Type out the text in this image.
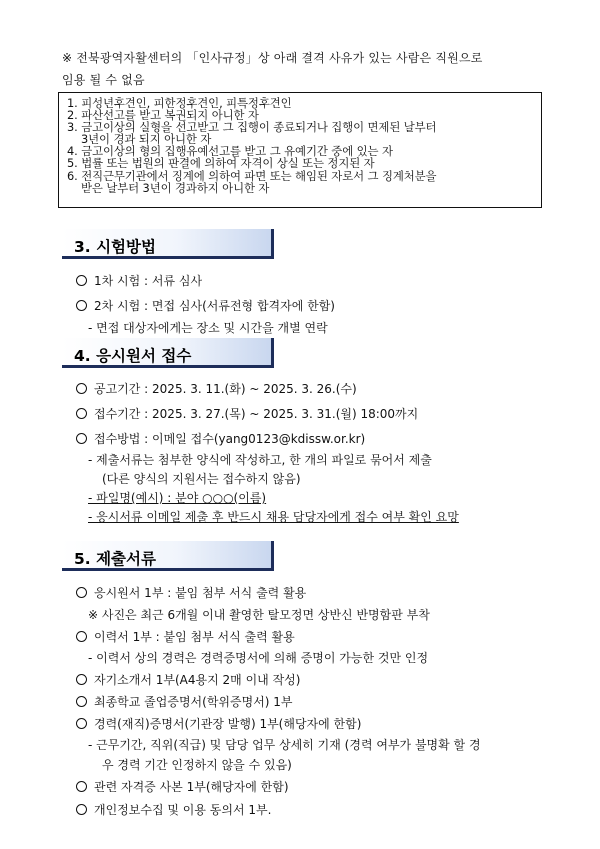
※ 전북광역자활센터의 「인사규정」상 아래 결격 사유가 있는 사람은 직원으로
임용 될 수 없음
1. 피성년후견인, 피한정후견인, 피특정후견인
2. 파산선고를 받고 복권되지 아니한 자
3. 금고이상의 실형을 선고받고 그 집행이 종료되거나 집행이 면제된 날부터
3년이 경과 되지 아니한 자
4. 금고이상의 형의 집행유예선고를 받고 그 유예기간 중에 있는 자
5. 법률 또는 법원의 판결에 의하여 자격이 상실 또는 정지된 자
6. 전직근무기관에서 징계에 의하여 파면 또는 해임된 자로서 그 징계처분을
받은 날부터 3년이 경과하지 아니한 자
3. 시험방법
1차 시험 : 서류 심사
2차 시험 : 면접 심사(서류전형 합격자에 한함)
- 면접 대상자에게는 장소 및 시간을 개별 연락
4. 응시원서 접수
공고기간 : 2025. 3. 11.(화) ~ 2025. 3. 26.(수)
접수기간 : 2025. 3. 27.(목) ~ 2025. 3. 31.(월) 18:00까지
접수방법 : 이메일 접수(yang0123@kdissw.or.kr)
- 제출서류는 첨부한 양식에 작성하고, 한 개의 파일로 묶어서 제출
(다른 양식의 지원서는 접수하지 않음)
- 파일명(예시) : 분야 ○○○(이름)
- 응시서류 이메일 제출 후 반드시 채용 담당자에게 접수 여부 확인 요망
5. 제출서류
응시원서 1부 : 붙임 첨부 서식 출력 활용
※ 사진은 최근 6개월 이내 촬영한 탈모정면 상반신 반명함판 부착
이력서 1부 : 붙임 첨부 서식 출력 활용
- 이력서 상의 경력은 경력증명서에 의해 증명이 가능한 것만 인정
자기소개서 1부(A4용지 2매 이내 작성)
최종학교 졸업증명서(학위증명서) 1부
경력(재직)증명서(기관장 발행) 1부(해당자에 한함)
- 근무기간, 직위(직급) 및 담당 업무 상세히 기재 (경력 여부가 불명확 할 경
우 경력 기간 인정하지 않을 수 있음)
관련 자격증 사본 1부(해당자에 한함)
개인정보수집 및 이용 동의서 1부.
